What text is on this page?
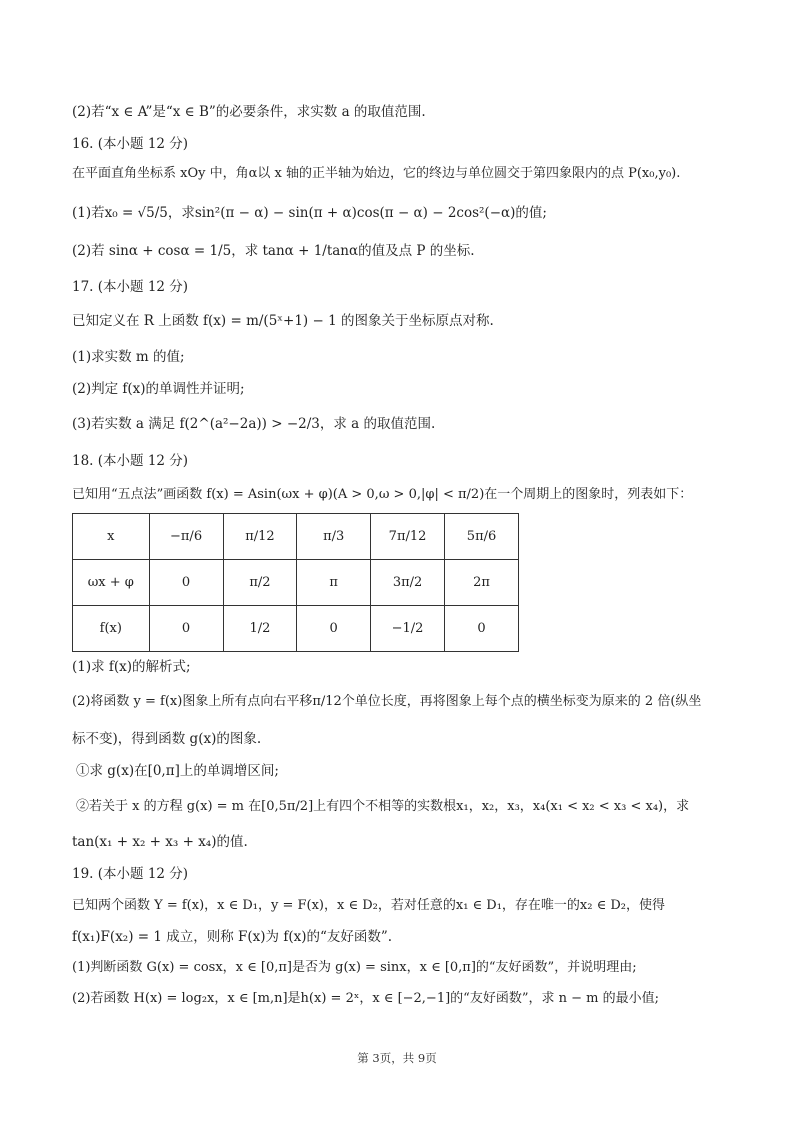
(2)若“x ∈ A”是“x ∈ B”的必要条件，求实数 a 的取值范围.
16. (本小题 12 分)
在平面直角坐标系 xOy 中，角α以 x 轴的正半轴为始边，它的终边与单位圆交于第四象限内的点 P(x₀,y₀).
(1)若x₀ = √5/5，求sin²(π − α) − sin(π + α)cos(π − α) − 2cos²(−α)的值;
(2)若 sinα + cosα = 1/5，求 tanα + 1/tanα的值及点 P 的坐标.
17. (本小题 12 分)
已知定义在 R 上函数 f(x) = m/(5ˣ+1) − 1 的图象关于坐标原点对称.
(1)求实数 m 的值;
(2)判定 f(x)的单调性并证明;
(3)若实数 a 满足 f(2^(a²−2a)) > −2/3，求 a 的取值范围.
18. (本小题 12 分)
已知用“五点法”画函数 f(x) = Asin(ωx + φ)(A > 0,ω > 0,|φ| < π/2)在一个周期上的图象时，列表如下：
x	−π/6	π/12	π/3	7π/12	5π/6
ωx + φ	0	π/2	π	3π/2	2π
f(x)	0	1/2	0	−1/2	0
(1)求 f(x)的解析式;
(2)将函数 y = f(x)图象上所有点向右平移π/12个单位长度，再将图象上每个点的横坐标变为原来的 2 倍(纵坐
标不变)，得到函数 g(x)的图象.
①求 g(x)在[0,π]上的单调增区间;
②若关于 x 的方程 g(x) = m 在[0,5π/2]上有四个不相等的实数根x₁，x₂，x₃，x₄(x₁ < x₂ < x₃ < x₄)，求
tan(x₁ + x₂ + x₃ + x₄)的值.
19. (本小题 12 分)
已知两个函数 Y = f(x)，x ∈ D₁，y = F(x)，x ∈ D₂，若对任意的x₁ ∈ D₁，存在唯一的x₂ ∈ D₂，使得
f(x₁)F(x₂) = 1 成立，则称 F(x)为 f(x)的“友好函数”.
(1)判断函数 G(x) = cosx，x ∈ [0,π]是否为 g(x) = sinx，x ∈ [0,π]的“友好函数”，并说明理由;
(2)若函数 H(x) = log₂x，x ∈ [m,n]是h(x) = 2ˣ，x ∈ [−2,−1]的“友好函数”，求 n − m 的最小值;
第 3页，共 9页
